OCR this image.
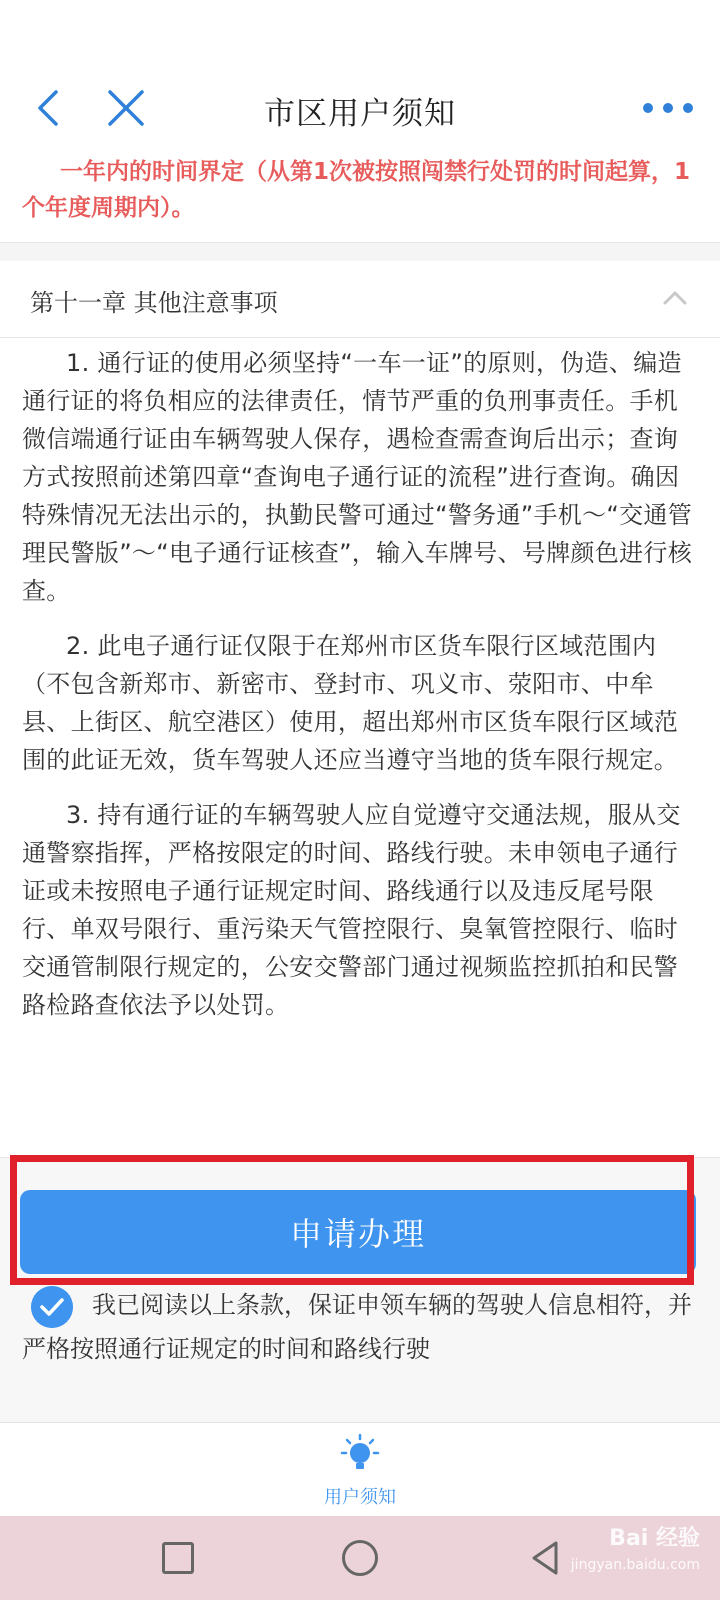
市区用户须知
一年内的时间界定（从第1次被按照闯禁行处罚的时间起算，1个年度周期内）。
第十一章 其他注意事项

1. 通行证的使用必须坚持“一车一证”的原则，伪造、编造通行证的将负相应的法律责任，情节严重的负刑事责任。手机微信端通行证由车辆驾驶人保存，遇检查需查询后出示；查询方式按照前述第四章“查询电子通行证的流程”进行查询。确因特殊情况无法出示的，执勤民警可通过“警务通”手机～“交通管理民警版”～“电子通行证核查”，输入车牌号、号牌颜色进行核查。

2. 此电子通行证仅限于在郑州市区货车限行区域范围内（不包含新郑市、新密市、登封市、巩义市、荥阳市、中牟县、上街区、航空港区）使用，超出郑州市区货车限行区域范围的此证无效，货车驾驶人还应当遵守当地的货车限行规定。

3. 持有通行证的车辆驾驶人应自觉遵守交通法规，服从交通警察指挥，严格按限定的时间、路线行驶。未申领电子通行证或未按照电子通行证规定时间、路线通行以及违反尾号限行、单双号限行、重污染天气管控限行、臭氧管控限行、临时交通管制限行规定的，公安交警部门通过视频监控抓拍和民警路检路查依法予以处罚。

申请办理
我已阅读以上条款，保证申领车辆的驾驶人信息相符，并严格按照通行证规定的时间和路线行驶
用户须知
Bai 经验
jingyan.baidu.com
